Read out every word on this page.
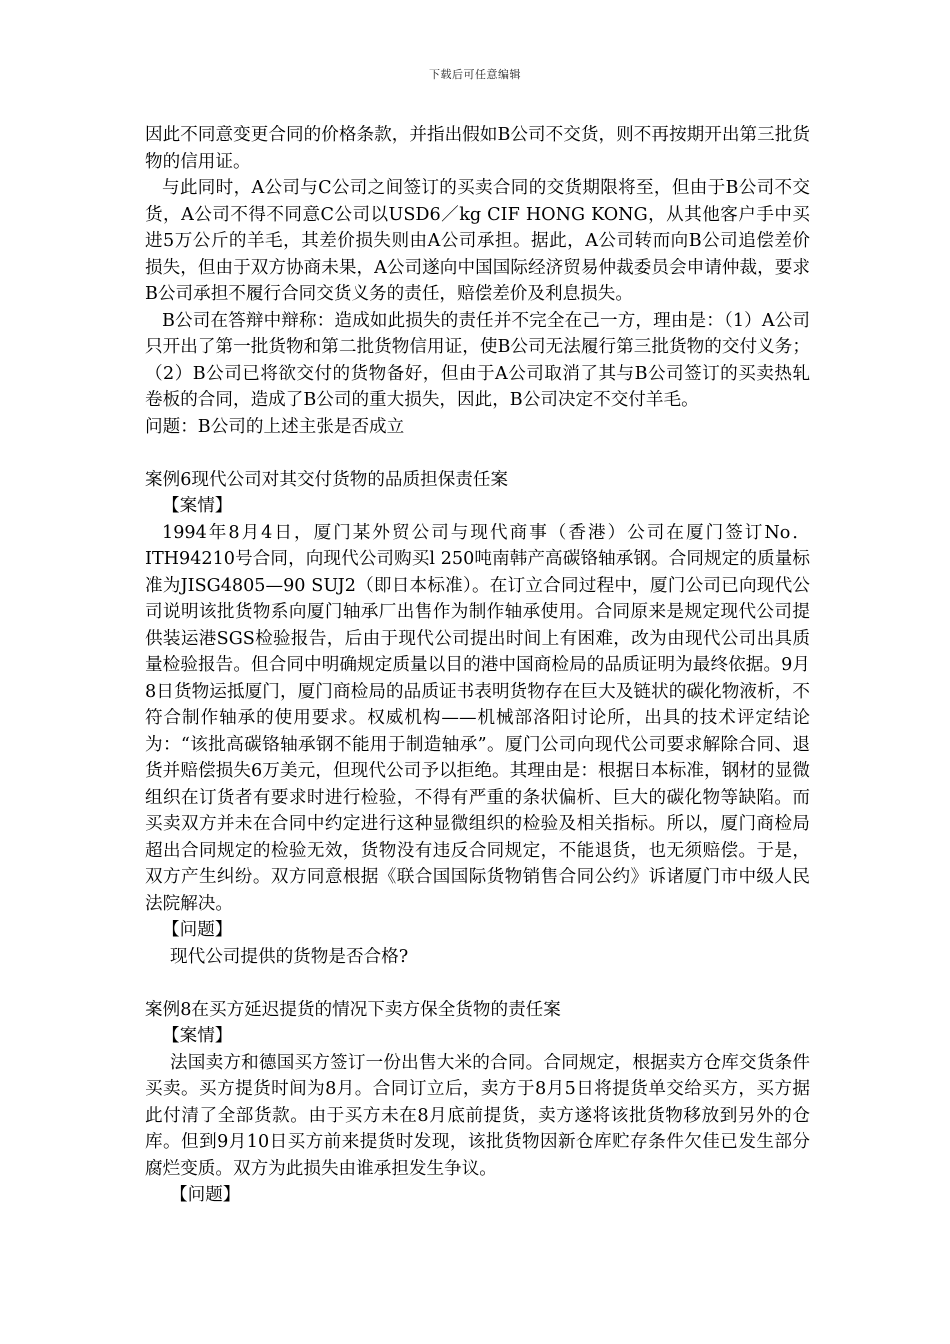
下载后可任意编辑

因此不同意变更合同的价格条款，并指出假如B公司不交货，则不再按期开出第三批货物的信用证。

与此同时，A公司与C公司之间签订的买卖合同的交货期限将至，但由于B公司不交货，A公司不得不同意C公司以USD6／kg CIF HONG KONG，从其他客户手中买进5万公斤的羊毛，其差价损失则由A公司承担。据此，A公司转而向B公司追偿差价损失，但由于双方协商未果，A公司遂向中国国际经济贸易仲裁委员会申请仲裁，要求B公司承担不履行合同交货义务的责任，赔偿差价及利息损失。

B公司在答辩中辩称：造成如此损失的责任并不完全在己一方，理由是：（1）A公司只开出了第一批货物和第二批货物信用证，使B公司无法履行第三批货物的交付义务；（2）B公司已将欲交付的货物备好，但由于A公司取消了其与B公司签订的买卖热轧卷板的合同，造成了B公司的重大损失，因此，B公司决定不交付羊毛。

问题：B公司的上述主张是否成立

案例6现代公司对其交付货物的品质担保责任案

【案情】

1994年8月4日，厦门某外贸公司与现代商事（香港）公司在厦门签订No．ITH94210号合同，向现代公司购买l 250吨南韩产高碳铬轴承钢。合同规定的质量标准为JISG4805—90 SUJ2（即日本标准）。在订立合同过程中，厦门公司已向现代公司说明该批货物系向厦门轴承厂出售作为制作轴承使用。合同原来是规定现代公司提供装运港SGS检验报告，后由于现代公司提出时间上有困难，改为由现代公司出具质量检验报告。但合同中明确规定质量以目的港中国商检局的品质证明为最终依据。9月8日货物运抵厦门，厦门商检局的品质证书表明货物存在巨大及链状的碳化物液析，不符合制作轴承的使用要求。权威机构——机械部洛阳讨论所，出具的技术评定结论为：“该批高碳铬轴承钢不能用于制造轴承”。厦门公司向现代公司要求解除合同、退货并赔偿损失6万美元，但现代公司予以拒绝。其理由是：根据日本标准，钢材的显微组织在订货者有要求时进行检验，不得有严重的条状偏析、巨大的碳化物等缺陷。而买卖双方并未在合同中约定进行这种显微组织的检验及相关指标。所以，厦门商检局超出合同规定的检验无效，货物没有违反合同规定，不能退货，也无须赔偿。于是，双方产生纠纷。双方同意根据《联合国国际货物销售合同公约》诉诸厦门市中级人民法院解决。

【问题】

现代公司提供的货物是否合格?

案例8在买方延迟提货的情况下卖方保全货物的责任案

【案情】

法国卖方和德国买方签订一份出售大米的合同。合同规定，根据卖方仓库交货条件买卖。买方提货时间为8月。合同订立后，卖方于8月5日将提货单交给买方，买方据此付清了全部货款。由于买方未在8月底前提货，卖方遂将该批货物移放到另外的仓库。但到9月10日买方前来提货时发现，该批货物因新仓库贮存条件欠佳已发生部分腐烂变质。双方为此损失由谁承担发生争议。

【问题】
